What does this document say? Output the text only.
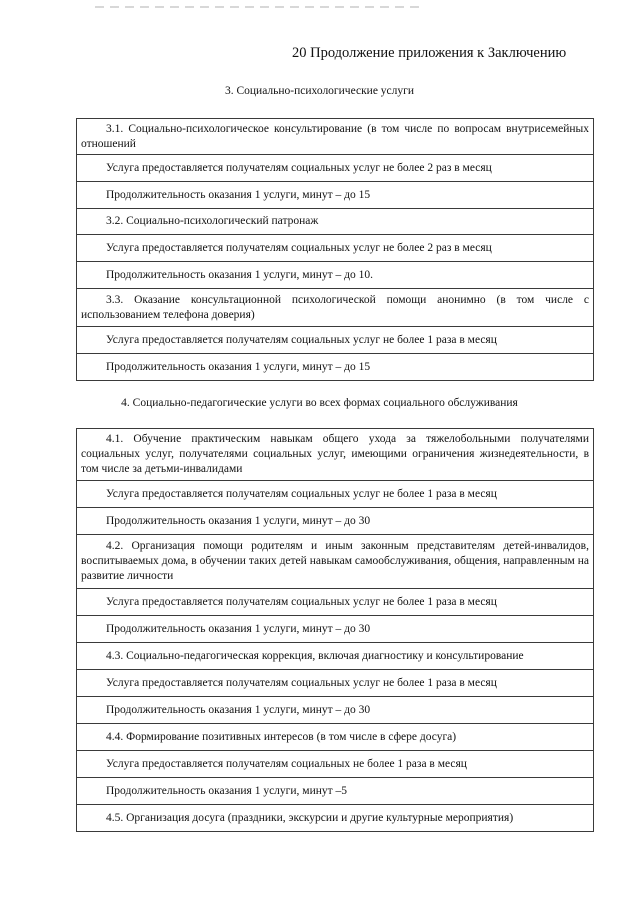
20 Продолжение приложения к Заключению
3. Социально-психологические услуги
3.1. Социально-психологическое консультирование (в том числе по вопросам внутрисемейных отношений
Услуга предоставляется получателям социальных услуг не более 2 раз в месяц
Продолжительность оказания 1 услуги, минут – до 15
3.2. Социально-психологический патронаж
Услуга предоставляется получателям социальных услуг не более 2 раз в месяц
Продолжительность оказания 1 услуги, минут – до 10.
3.3. Оказание консультационной психологической помощи анонимно (в том числе с использованием телефона доверия)
Услуга предоставляется получателям социальных услуг не более 1 раза в месяц
Продолжительность оказания 1 услуги, минут – до 15
4. Социально-педагогические услуги во всех формах социального обслуживания
4.1. Обучение практическим навыкам общего ухода за тяжелобольными получателями социальных услуг, получателями социальных услуг, имеющими ограничения жизнедеятельности, в том числе за детьми-инвалидами
Услуга предоставляется получателям социальных услуг не более 1 раза в месяц
Продолжительность оказания 1 услуги, минут – до 30
4.2. Организация помощи родителям и иным законным представителям детей-инвалидов, воспитываемых дома, в обучении таких детей навыкам самообслуживания, общения, направленным на развитие личности
Услуга предоставляется получателям социальных услуг не более 1 раза в месяц
Продолжительность оказания 1 услуги, минут – до 30
4.3. Социально-педагогическая коррекция, включая диагностику и консультирование
Услуга предоставляется получателям социальных услуг не более 1 раза в месяц
Продолжительность оказания 1 услуги, минут – до 30
4.4. Формирование позитивных интересов (в том числе в сфере досуга)
Услуга предоставляется получателям социальных не более 1 раза в месяц
Продолжительность оказания 1 услуги, минут –5
4.5. Организация досуга (праздники, экскурсии и другие культурные мероприятия)
